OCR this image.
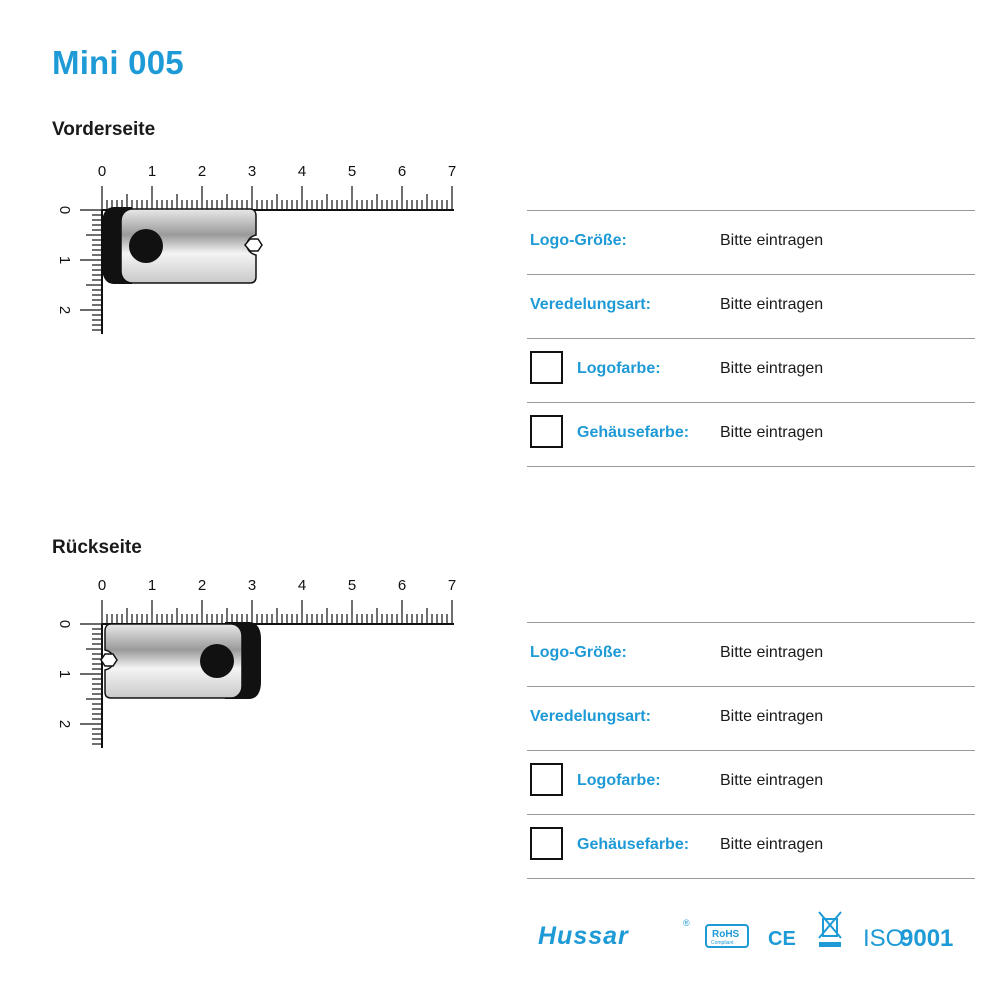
Mini 005
Vorderseite
0	1	2	3	4	5	6	7
0
1
2
Logo-Größe:	Bitte eintragen
Veredelungsart:	Bitte eintragen
Logofarbe:	Bitte eintragen
Gehäusefarbe: Bitte eintragen
Rückseite
0	1	2	3	4	5	6	7
0
1
2
Logo-Größe:	Bitte eintragen
Veredelungsart:	Bitte eintragen
Logofarbe:	Bitte eintragen
Gehäusefarbe: Bitte eintragen
Hussar	®
RoHS
Compliant CE	ISO
9001
